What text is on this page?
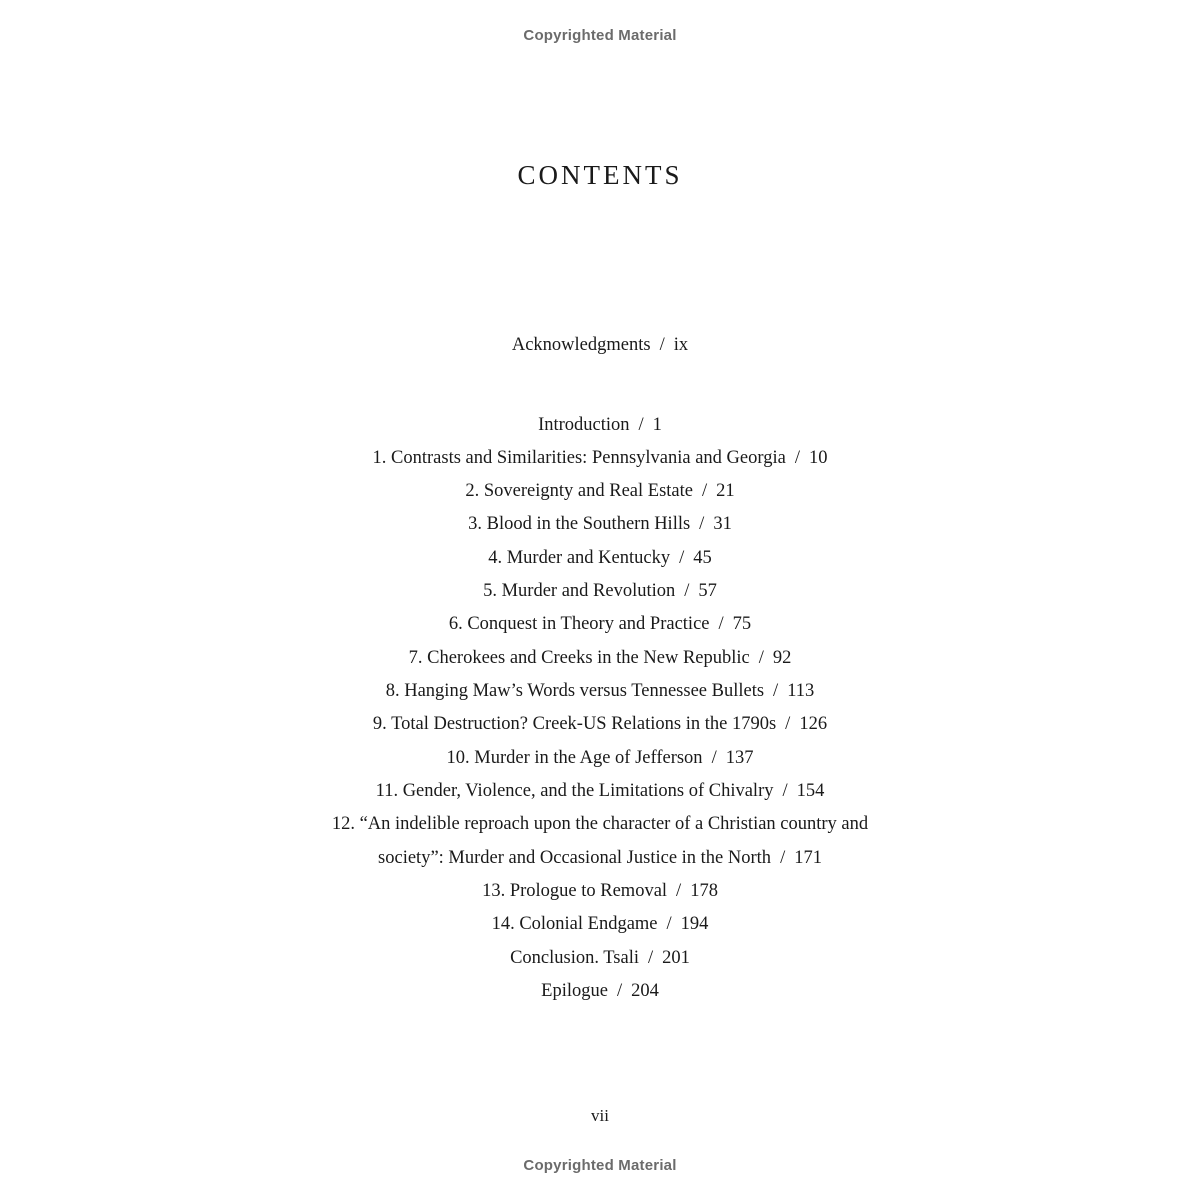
Copyrighted Material
CONTENTS
Acknowledgments / ix
Introduction / 1
1. Contrasts and Similarities: Pennsylvania and Georgia / 10
2. Sovereignty and Real Estate / 21
3. Blood in the Southern Hills / 31
4. Murder and Kentucky / 45
5. Murder and Revolution / 57
6. Conquest in Theory and Practice / 75
7. Cherokees and Creeks in the New Republic / 92
8. Hanging Maw’s Words versus Tennessee Bullets / 113
9. Total Destruction? Creek-US Relations in the 1790s / 126
10. Murder in the Age of Jefferson / 137
11. Gender, Violence, and the Limitations of Chivalry / 154
12. “An indelible reproach upon the character of a Christian country and
society”: Murder and Occasional Justice in the North / 171
13. Prologue to Removal / 178
14. Colonial Endgame / 194
Conclusion. Tsali / 201
Epilogue / 204
vii
Copyrighted Material
